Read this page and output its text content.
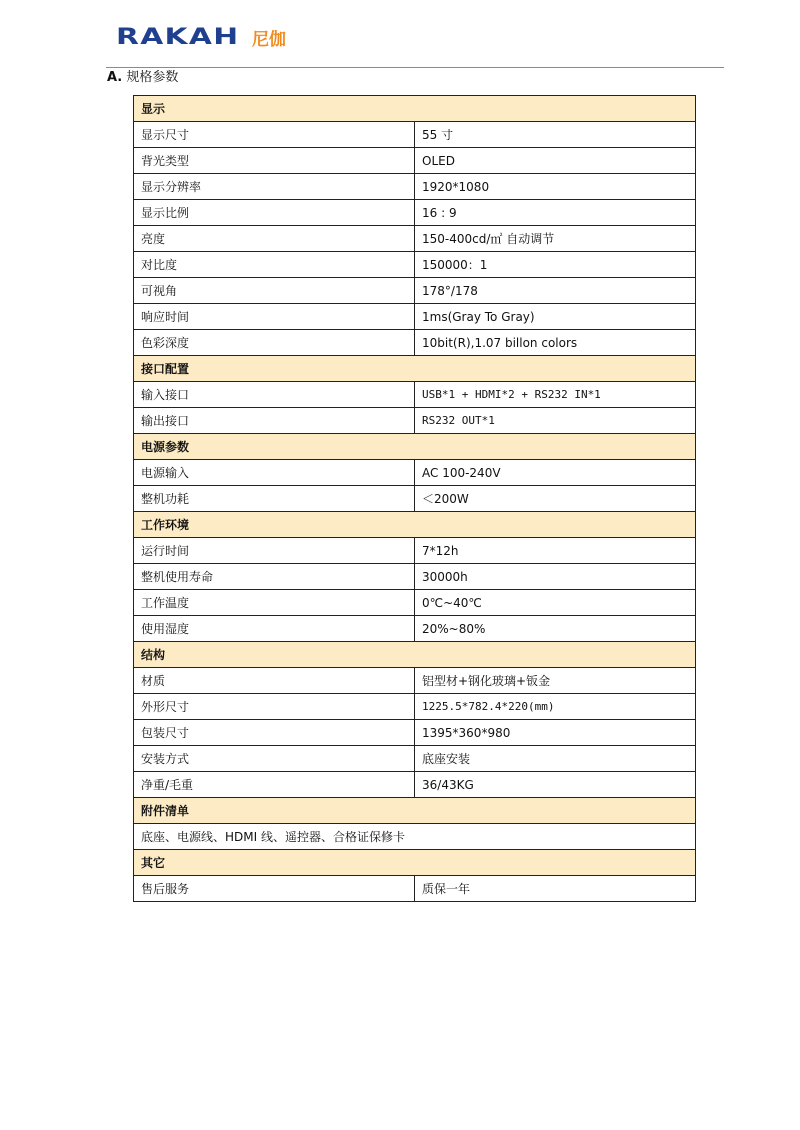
RAKAH 尼伽
A. 规格参数
显示	
显示尺寸	55 寸
背光类型	OLED
显示分辨率	1920*1080
显示比例	16 : 9
亮度	150-400cd/㎡ 自动调节
对比度	150000：1
可视角	178°/178
响应时间	1ms(Gray To Gray)
色彩深度	10bit(R),1.07 billon colors
接口配置	
输入接口	USB*1 + HDMI*2 + RS232 IN*1
输出接口	RS232 OUT*1
电源参数	
电源输入	AC 100-240V
整机功耗	＜200W
工作环境	
运行时间	7*12h
整机使用寿命	30000h
工作温度	0℃~40℃
使用湿度	20%~80%
结构	
材质	铝型材+钢化玻璃+钣金
外形尺寸	1225.5*782.4*220(mm)
包装尺寸	1395*360*980
安装方式	底座安装
净重/毛重	36/43KG
附件清单	
底座、电源线、HDMI 线、遥控器、合格证保修卡	
其它	
售后服务	质保一年
